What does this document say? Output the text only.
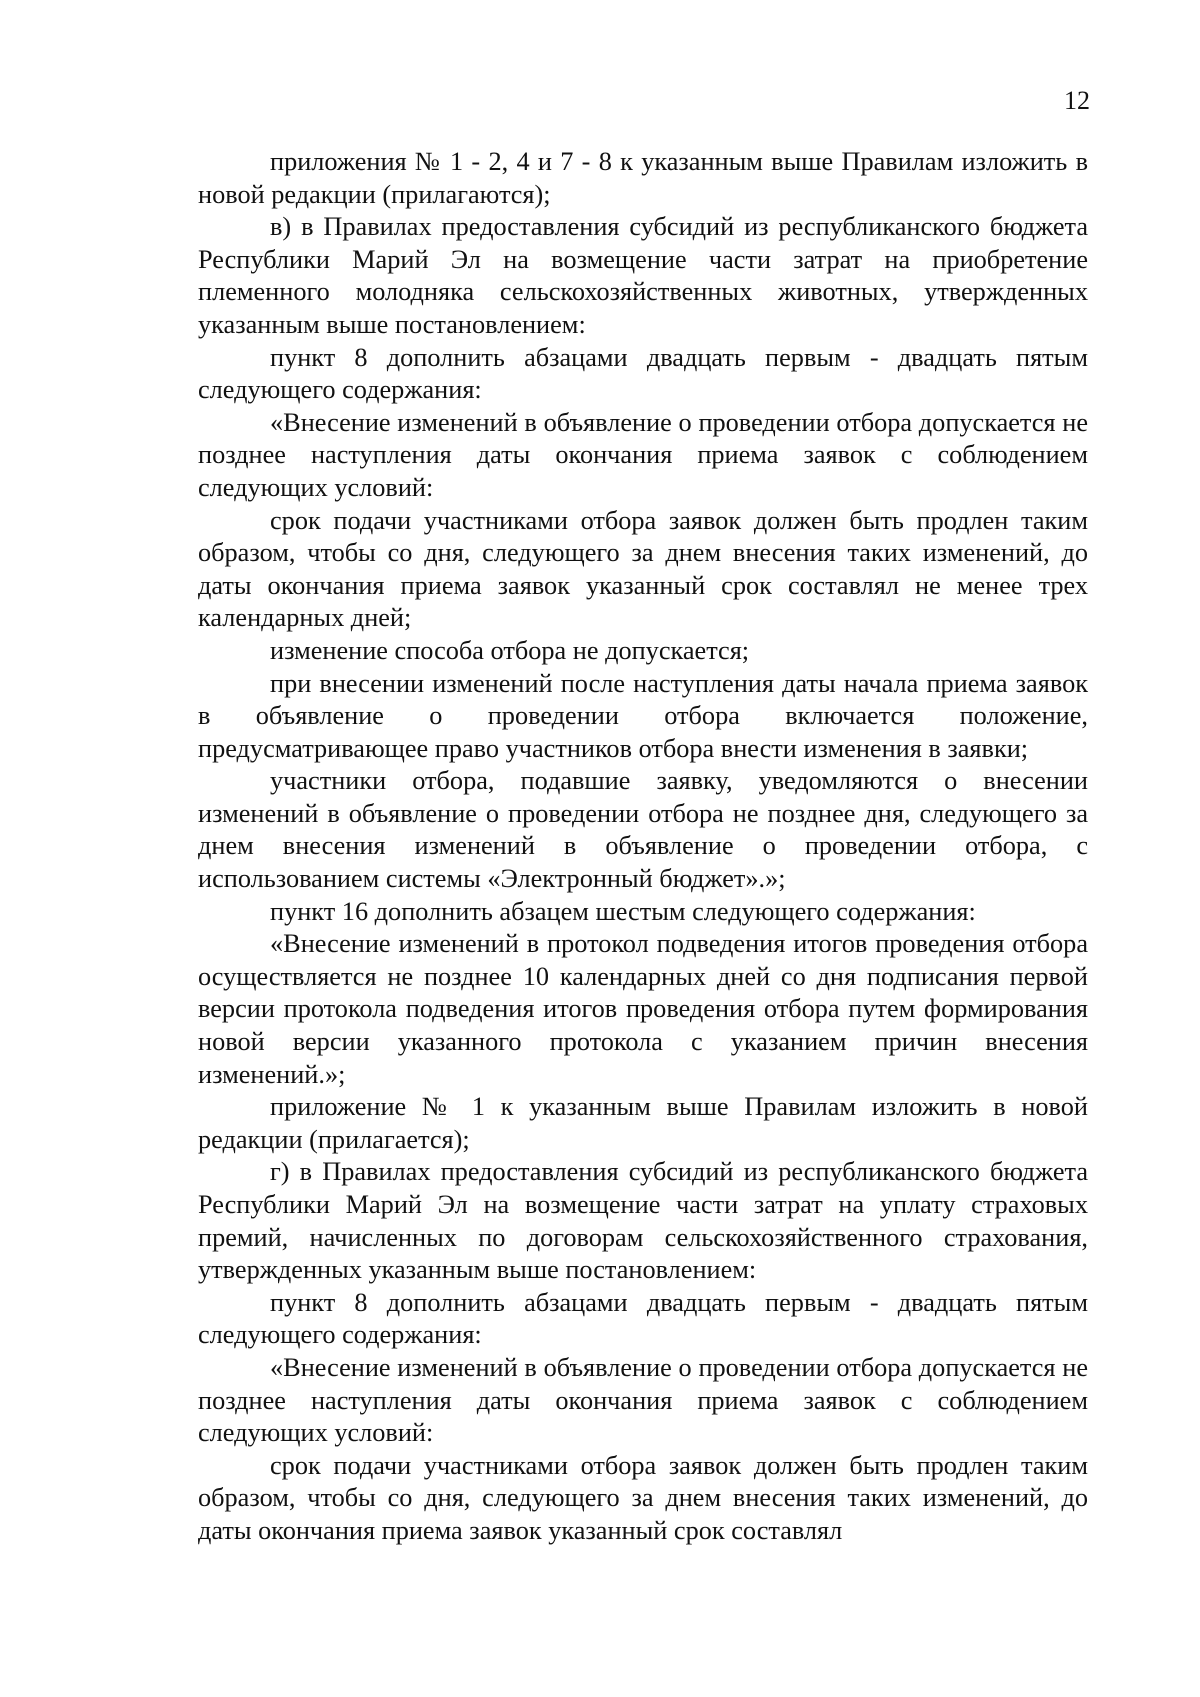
12

приложения № 1 - 2, 4 и 7 - 8 к указанным выше Правилам изложить в новой редакции (прилагаются);

в) в Правилах предоставления субсидий из республиканского бюджета Республики Марий Эл на возмещение части затрат на приобретение племенного молодняка сельскохозяйственных животных, утвержденных указанным выше постановлением:

пункт 8 дополнить абзацами двадцать первым - двадцать пятым следующего содержания:

«Внесение изменений в объявление о проведении отбора допускается не позднее наступления даты окончания приема заявок с соблюдением следующих условий:

срок подачи участниками отбора заявок должен быть продлен таким образом, чтобы со дня, следующего за днем внесения таких изменений, до даты окончания приема заявок указанный срок составлял не менее трех календарных дней;

изменение способа отбора не допускается;

при внесении изменений после наступления даты начала приема заявок в объявление о проведении отбора включается положение, предусматривающее право участников отбора внести изменения в заявки;

участники отбора, подавшие заявку, уведомляются о внесении изменений в объявление о проведении отбора не позднее дня, следующего за днем внесения изменений в объявление о проведении отбора, с использованием системы «Электронный бюджет».»;

пункт 16 дополнить абзацем шестым следующего содержания:

«Внесение изменений в протокол подведения итогов проведения отбора осуществляется не позднее 10 календарных дней со дня подписания первой версии протокола подведения итогов проведения отбора путем формирования новой версии указанного протокола с указанием причин внесения изменений.»;

приложение № 1 к указанным выше Правилам изложить в новой редакции (прилагается);

г) в Правилах предоставления субсидий из республиканского бюджета Республики Марий Эл на возмещение части затрат на уплату страховых премий, начисленных по договорам сельскохозяйственного страхования, утвержденных указанным выше постановлением:

пункт 8 дополнить абзацами двадцать первым - двадцать пятым следующего содержания:

«Внесение изменений в объявление о проведении отбора допускается не позднее наступления даты окончания приема заявок с соблюдением следующих условий:

срок подачи участниками отбора заявок должен быть продлен таким образом, чтобы со дня, следующего за днем внесения таких изменений, до даты окончания приема заявок указанный срок составлял
